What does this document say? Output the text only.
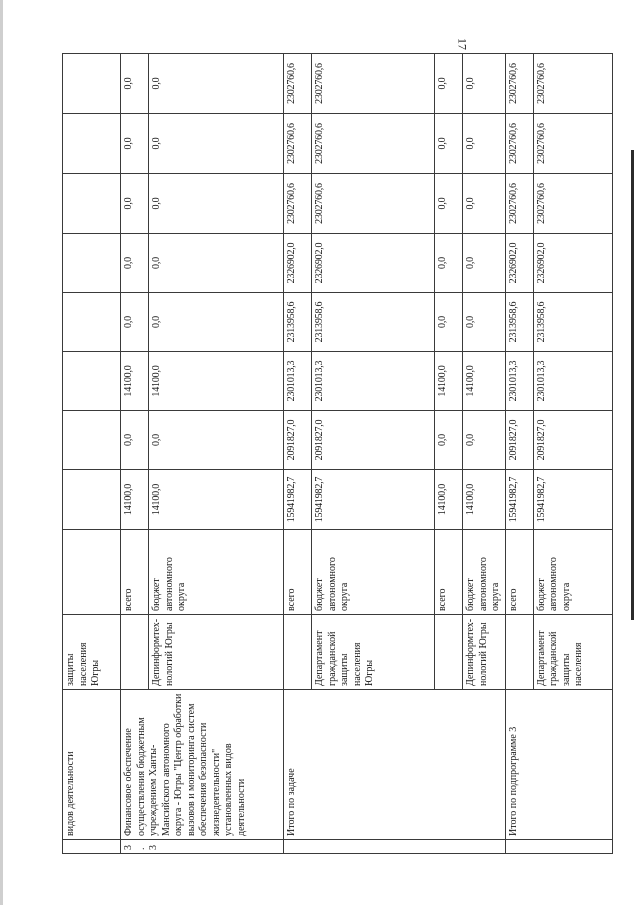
17
	видов деятельности	защиты населения Югры									
3.3	Финансовое обеспечение осуществления бюджетным учреждением Ханты-Мансийского автономного округа - Югры "Центр обработки вызовов и мониторинга систем обеспечения безопасности жизнедеятельности" установленных видов деятельности		всего	14100,0	0,0	14100,0	0,0	0,0	0,0	0,0	0,0
		Депинформтех-нологий Югры	бюджет автономного округа	14100,0	0,0	14100,0	0,0	0,0	0,0	0,0	0,0
	Итого по задаче		всего	15941982,7	2091827,0	2301013,3	2313958,6	2326902,0	2302760,6	2302760,6	2302760,6
		Департамент гражданской защиты населения Югры	бюджет автономного округа	15941982,7	2091827,0	2301013,3	2313958,6	2326902,0	2302760,6	2302760,6	2302760,6
			всего	14100,0	0,0	14100,0	0,0	0,0	0,0	0,0	0,0
		Депинформтех-нологий Югры	бюджет автономного округа	14100,0	0,0	14100,0	0,0	0,0	0,0	0,0	0,0
	Итого по подпрограмме 3		всего	15941982,7	2091827,0	2301013,3	2313958,6	2326902,0	2302760,6	2302760,6	2302760,6
		Департамент гражданской защиты населения	бюджет автономного округа	15941982,7	2091827,0	2301013,3	2313958,6	2326902,0	2302760,6	2302760,6	2302760,6
